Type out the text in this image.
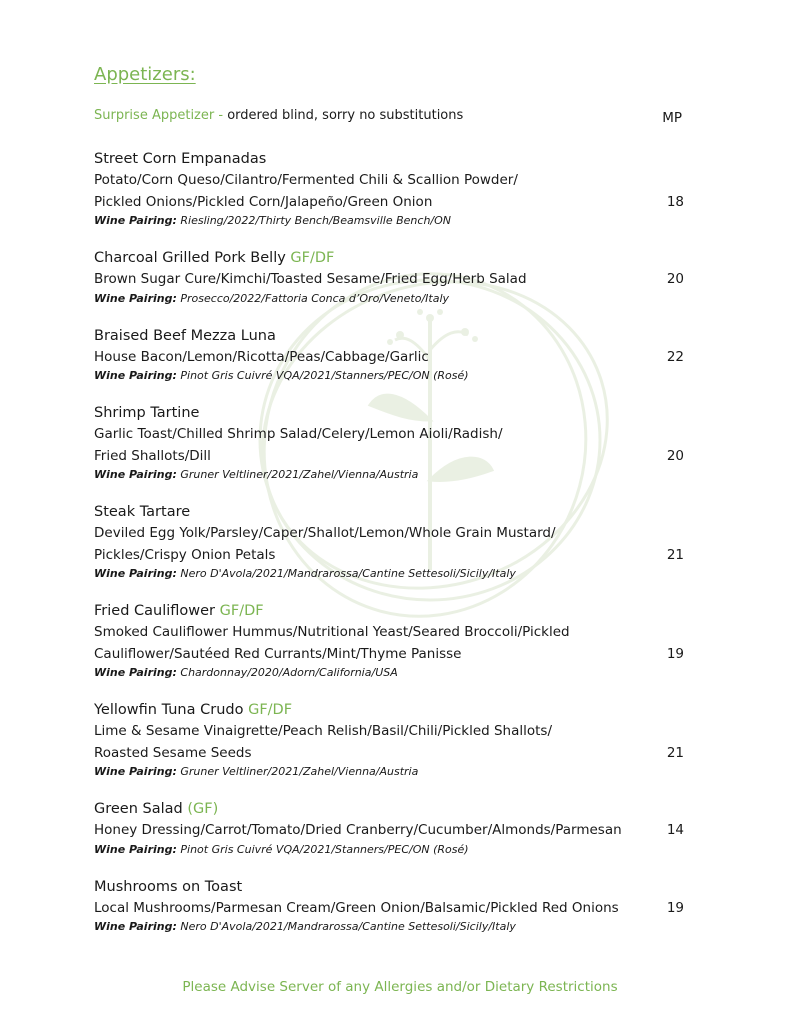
Appetizers:
Surprise Appetizer - ordered blind, sorry no substitutions	MP
Street Corn Empanadas
Potato/Corn Queso/Cilantro/Fermented Chili & Scallion Powder/
Pickled Onions/Pickled Corn/Jalapeño/Green Onion	18
Wine Pairing: Riesling/2022/Thirty Bench/Beamsville Bench/ON
Charcoal Grilled Pork Belly GF/DF
Brown Sugar Cure/Kimchi/Toasted Sesame/Fried Egg/Herb Salad	20
Wine Pairing: Prosecco/2022/Fattoria Conca d’Oro/Veneto/Italy
Braised Beef Mezza Luna
House Bacon/Lemon/Ricotta/Peas/Cabbage/Garlic	22
Wine Pairing: Pinot Gris Cuivré VQA/2021/Stanners/PEC/ON (Rosé)
Shrimp Tartine
Garlic Toast/Chilled Shrimp Salad/Celery/Lemon Aioli/Radish/
Fried Shallots/Dill	20
Wine Pairing: Gruner Veltliner/2021/Zahel/Vienna/Austria
Steak Tartare
Deviled Egg Yolk/Parsley/Caper/Shallot/Lemon/Whole Grain Mustard/
Pickles/Crispy Onion Petals	21
Wine Pairing: Nero D'Avola/2021/Mandrarossa/Cantine Settesoli/Sicily/Italy
Fried Cauliflower GF/DF
Smoked Cauliflower Hummus/Nutritional Yeast/Seared Broccoli/Pickled
Cauliflower/Sautéed Red Currants/Mint/Thyme Panisse	19
Wine Pairing: Chardonnay/2020/Adorn/California/USA
Yellowfin Tuna Crudo GF/DF
Lime & Sesame Vinaigrette/Peach Relish/Basil/Chili/Pickled Shallots/
Roasted Sesame Seeds	21
Wine Pairing: Gruner Veltliner/2021/Zahel/Vienna/Austria
Green Salad (GF)
Honey Dressing/Carrot/Tomato/Dried Cranberry/Cucumber/Almonds/Parmesan	14
Wine Pairing: Pinot Gris Cuivré VQA/2021/Stanners/PEC/ON (Rosé)
Mushrooms on Toast
Local Mushrooms/Parmesan Cream/Green Onion/Balsamic/Pickled Red Onions	19
Wine Pairing: Nero D'Avola/2021/Mandrarossa/Cantine Settesoli/Sicily/Italy
Please Advise Server of any Allergies and/or Dietary Restrictions
